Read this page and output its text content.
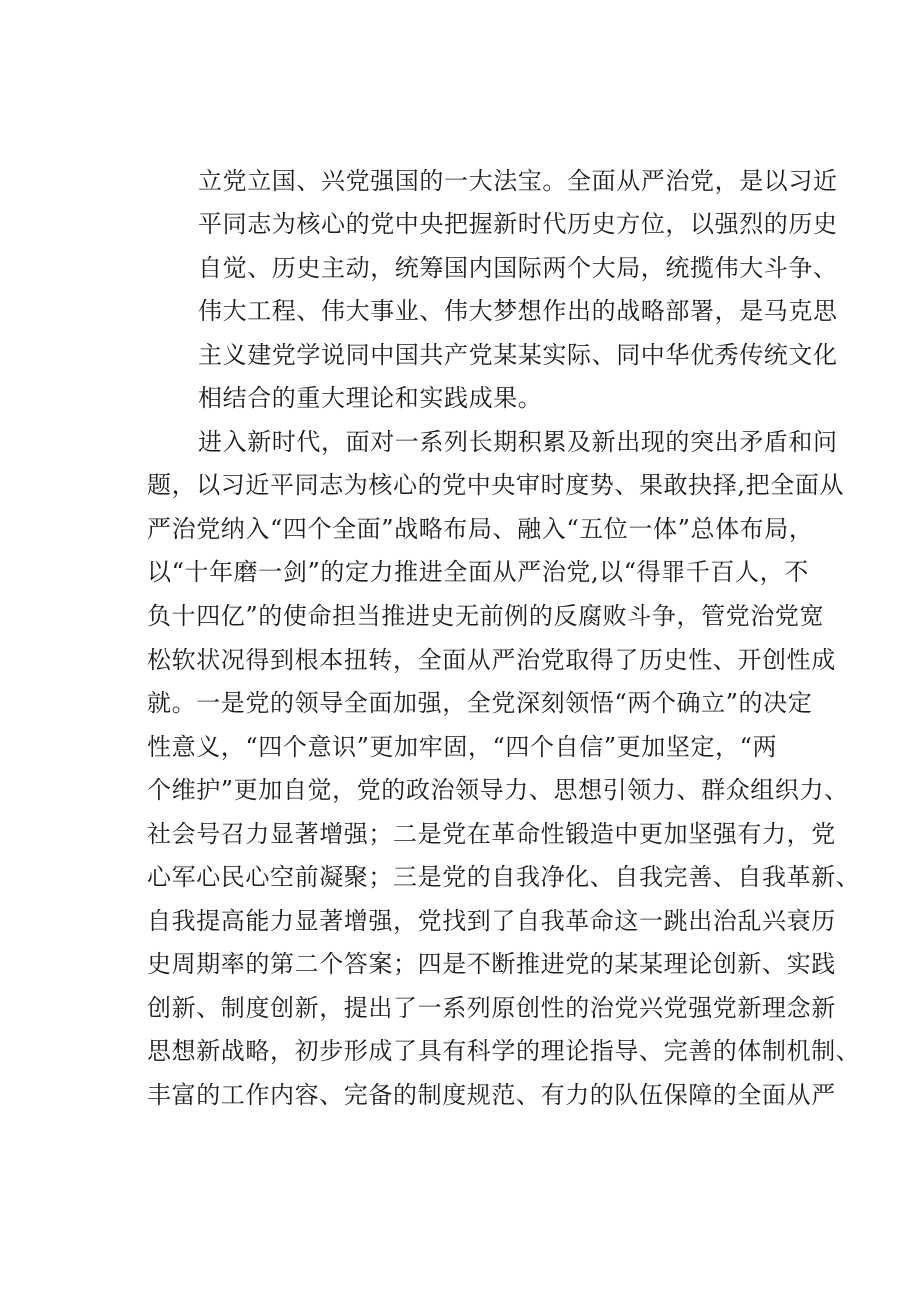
立党立国、兴党强国的一大法宝。全面从严治党，是以习近

平同志为核心的党中央把握新时代历史方位，以强烈的历史

自觉、历史主动，统筹国内国际两个大局，统揽伟大斗争、

伟大工程、伟大事业、伟大梦想作出的战略部署，是马克思

主义建党学说同中国共产党某某实际、同中华优秀传统文化

相结合的重大理论和实践成果。

进入新时代，面对一系列长期积累及新出现的突出矛盾和问

题，以习近平同志为核心的党中央审时度势、果敢抉择,把全面从

严治党纳入“四个全面”战略布局、融入“五位一体”总体布局，

以“十年磨一剑”的定力推进全面从严治党,以“得罪千百人，不

负十四亿”的使命担当推进史无前例的反腐败斗争，管党治党宽

松软状况得到根本扭转，全面从严治党取得了历史性、开创性成

就。一是党的领导全面加强，全党深刻领悟“两个确立”的决定

性意义，“四个意识”更加牢固，“四个自信”更加坚定，“两

个维护”更加自觉，党的政治领导力、思想引领力、群众组织力、

社会号召力显著增强；二是党在革命性锻造中更加坚强有力，党

心军心民心空前凝聚；三是党的自我净化、自我完善、自我革新、

自我提高能力显著增强，党找到了自我革命这一跳出治乱兴衰历

史周期率的第二个答案；四是不断推进党的某某理论创新、实践

创新、制度创新，提出了一系列原创性的治党兴党强党新理念新

思想新战略，初步形成了具有科学的理论指导、完善的体制机制、

丰富的工作内容、完备的制度规范、有力的队伍保障的全面从严
